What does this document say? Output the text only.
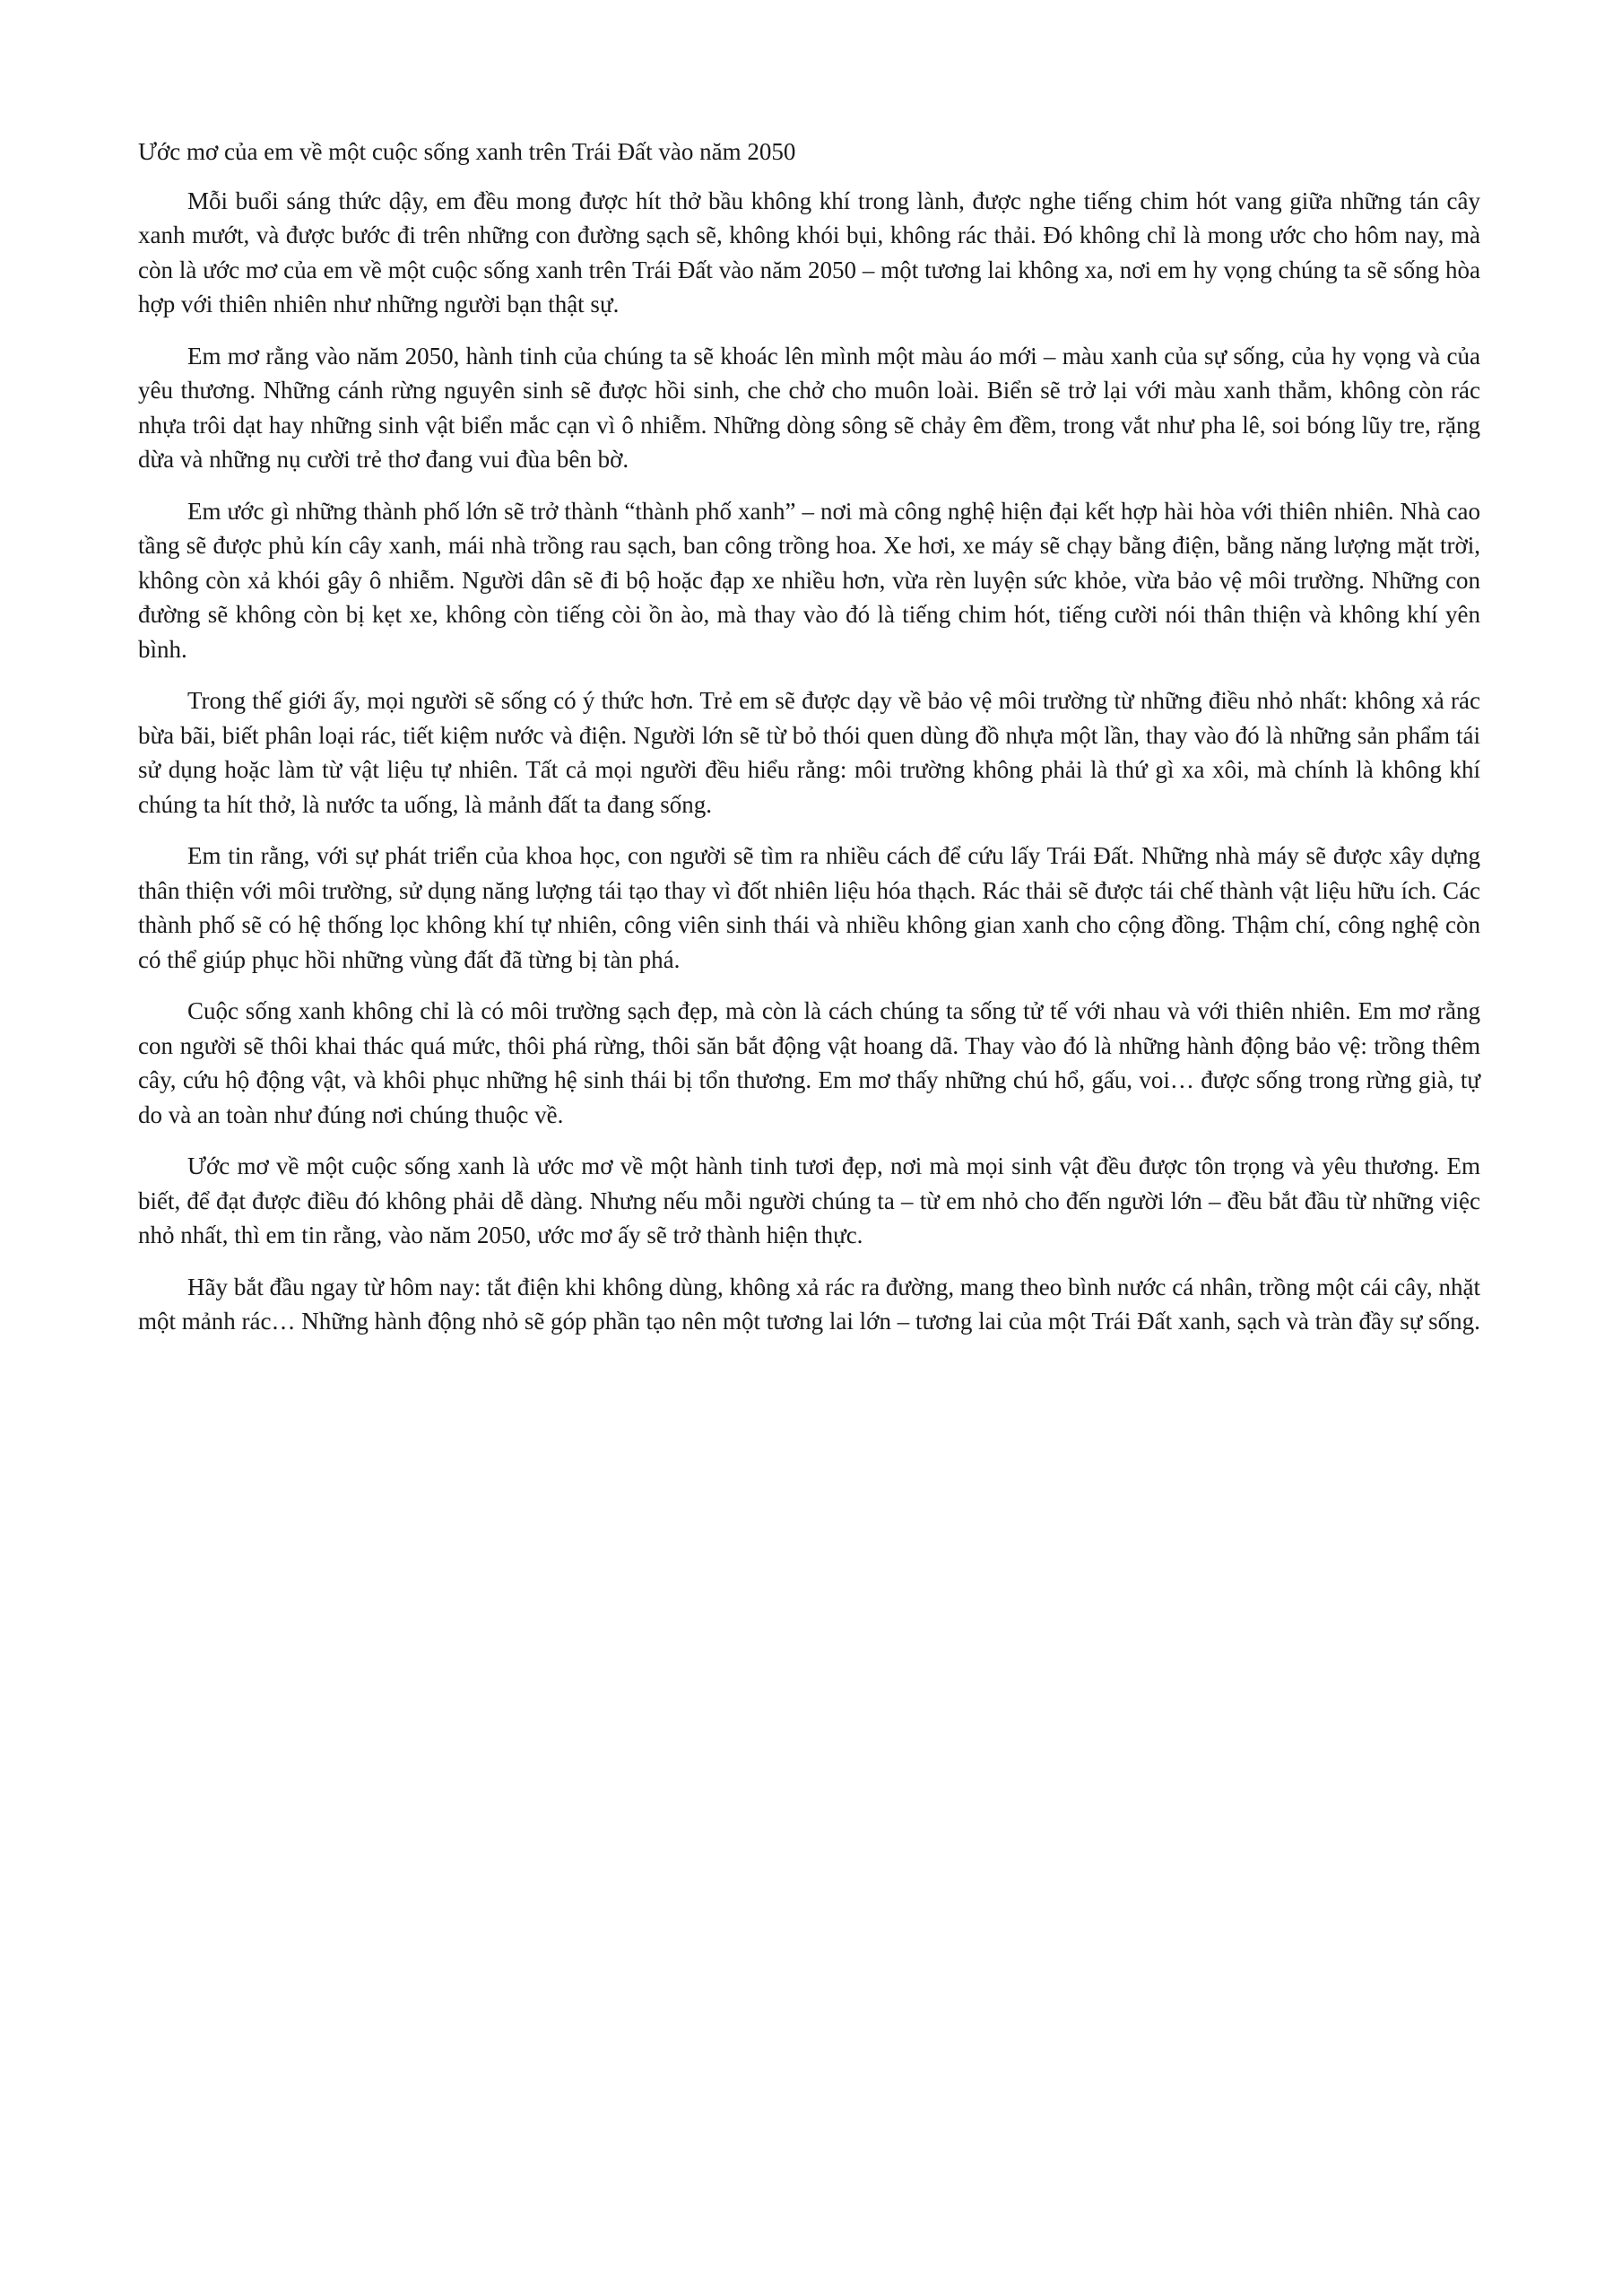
Ước mơ của em về một cuộc sống xanh trên Trái Đất vào năm 2050

Mỗi buổi sáng thức dậy, em đều mong được hít thở bầu không khí trong lành, được nghe tiếng chim hót vang giữa những tán cây xanh mướt, và được bước đi trên những con đường sạch sẽ, không khói bụi, không rác thải. Đó không chỉ là mong ước cho hôm nay, mà còn là ước mơ của em về một cuộc sống xanh trên Trái Đất vào năm 2050 – một tương lai không xa, nơi em hy vọng chúng ta sẽ sống hòa hợp với thiên nhiên như những người bạn thật sự.

Em mơ rằng vào năm 2050, hành tinh của chúng ta sẽ khoác lên mình một màu áo mới – màu xanh của sự sống, của hy vọng và của yêu thương. Những cánh rừng nguyên sinh sẽ được hồi sinh, che chở cho muôn loài. Biển sẽ trở lại với màu xanh thẳm, không còn rác nhựa trôi dạt hay những sinh vật biển mắc cạn vì ô nhiễm. Những dòng sông sẽ chảy êm đềm, trong vắt như pha lê, soi bóng lũy tre, rặng dừa và những nụ cười trẻ thơ đang vui đùa bên bờ.

Em ước gì những thành phố lớn sẽ trở thành “thành phố xanh” – nơi mà công nghệ hiện đại kết hợp hài hòa với thiên nhiên. Nhà cao tầng sẽ được phủ kín cây xanh, mái nhà trồng rau sạch, ban công trồng hoa. Xe hơi, xe máy sẽ chạy bằng điện, bằng năng lượng mặt trời, không còn xả khói gây ô nhiễm. Người dân sẽ đi bộ hoặc đạp xe nhiều hơn, vừa rèn luyện sức khỏe, vừa bảo vệ môi trường. Những con đường sẽ không còn bị kẹt xe, không còn tiếng còi ồn ào, mà thay vào đó là tiếng chim hót, tiếng cười nói thân thiện và không khí yên bình.

Trong thế giới ấy, mọi người sẽ sống có ý thức hơn. Trẻ em sẽ được dạy về bảo vệ môi trường từ những điều nhỏ nhất: không xả rác bừa bãi, biết phân loại rác, tiết kiệm nước và điện. Người lớn sẽ từ bỏ thói quen dùng đồ nhựa một lần, thay vào đó là những sản phẩm tái sử dụng hoặc làm từ vật liệu tự nhiên. Tất cả mọi người đều hiểu rằng: môi trường không phải là thứ gì xa xôi, mà chính là không khí chúng ta hít thở, là nước ta uống, là mảnh đất ta đang sống.

Em tin rằng, với sự phát triển của khoa học, con người sẽ tìm ra nhiều cách để cứu lấy Trái Đất. Những nhà máy sẽ được xây dựng thân thiện với môi trường, sử dụng năng lượng tái tạo thay vì đốt nhiên liệu hóa thạch. Rác thải sẽ được tái chế thành vật liệu hữu ích. Các thành phố sẽ có hệ thống lọc không khí tự nhiên, công viên sinh thái và nhiều không gian xanh cho cộng đồng. Thậm chí, công nghệ còn có thể giúp phục hồi những vùng đất đã từng bị tàn phá.

Cuộc sống xanh không chỉ là có môi trường sạch đẹp, mà còn là cách chúng ta sống tử tế với nhau và với thiên nhiên. Em mơ rằng con người sẽ thôi khai thác quá mức, thôi phá rừng, thôi săn bắt động vật hoang dã. Thay vào đó là những hành động bảo vệ: trồng thêm cây, cứu hộ động vật, và khôi phục những hệ sinh thái bị tổn thương. Em mơ thấy những chú hổ, gấu, voi… được sống trong rừng già, tự do và an toàn như đúng nơi chúng thuộc về.

Ước mơ về một cuộc sống xanh là ước mơ về một hành tinh tươi đẹp, nơi mà mọi sinh vật đều được tôn trọng và yêu thương. Em biết, để đạt được điều đó không phải dễ dàng. Nhưng nếu mỗi người chúng ta – từ em nhỏ cho đến người lớn – đều bắt đầu từ những việc nhỏ nhất, thì em tin rằng, vào năm 2050, ước mơ ấy sẽ trở thành hiện thực.

Hãy bắt đầu ngay từ hôm nay: tắt điện khi không dùng, không xả rác ra đường, mang theo bình nước cá nhân, trồng một cái cây, nhặt một mảnh rác… Những hành động nhỏ sẽ góp phần tạo nên một tương lai lớn – tương lai của một Trái Đất xanh, sạch và tràn đầy sự sống.
